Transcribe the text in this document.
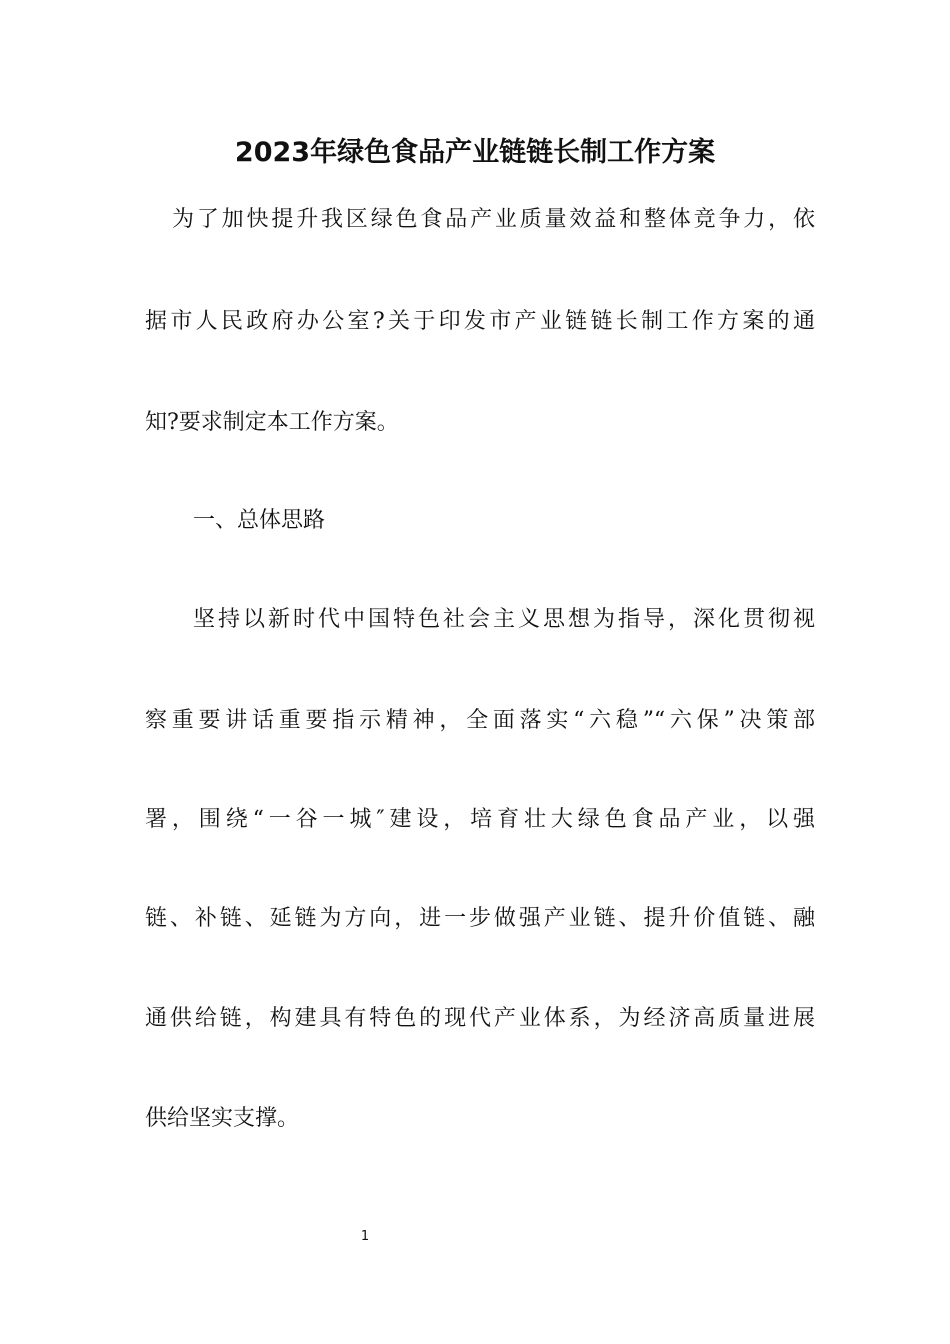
2023年绿色食品产业链链长制工作方案

为了加快提升我区绿色食品产业质量效益和整体竞争力，依

据市人民政府办公室?关于印发市产业链链长制工作方案的通

知?要求制定本工作方案。

一、总体思路

坚持以新时代中国特色社会主义思想为指导，深化贯彻视

察重要讲话重要指示精神，全面落实“六稳”“六保”决策部

署，围绕“一谷一城″建设，培育壮大绿色食品产业，以强

链、补链、延链为方向，进一步做强产业链、提升价值链、融

通供给链，构建具有特色的现代产业体系，为经济高质量进展

供给坚实支撑。

1
